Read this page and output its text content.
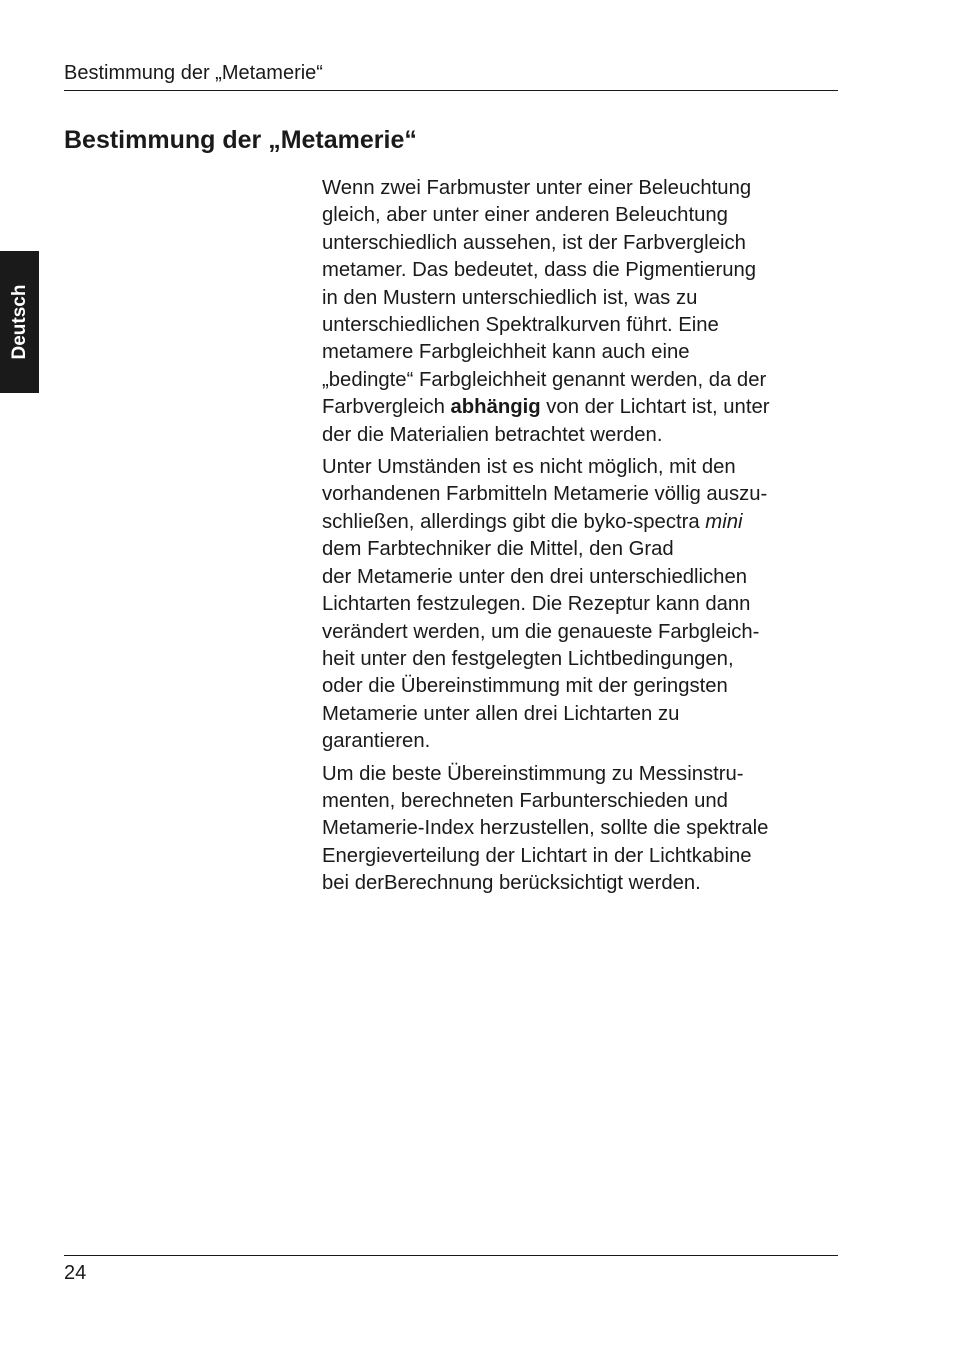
Bestimmung der „Metamerie“
Bestimmung der „Metamerie“
Deutsch

Wenn zwei Farbmuster unter einer Beleuchtung
gleich, aber unter einer anderen Beleuchtung
unterschiedlich aussehen, ist der Farbvergleich
metamer. Das bedeutet, dass die Pigmentierung
in den Mustern unterschiedlich ist, was zu
unterschiedlichen Spektralkurven führt. Eine
metamere Farbgleichheit kann auch eine
„bedingte“ Farbgleichheit genannt werden, da der
Farbvergleich abhängig von der Lichtart ist, unter
der die Materialien betrachtet werden.

Unter Umständen ist es nicht möglich, mit den
vorhandenen Farbmitteln Metamerie völlig auszu-
schließen, allerdings gibt die byko-spectra mini
dem Farbtechniker die Mittel, den Grad
der Metamerie unter den drei unterschiedlichen
Lichtarten festzulegen. Die Rezeptur kann dann
verändert werden, um die genaueste Farbgleich-
heit unter den festgelegten Lichtbedingungen,
oder die Übereinstimmung mit der geringsten
Metamerie unter allen drei Lichtarten zu
garantieren.

Um die beste Übereinstimmung zu Messinstru-
menten, berechneten Farbunterschieden und
Metamerie-Index herzustellen, sollte die spektrale
Energieverteilung der Lichtart in der Lichtkabine
bei derBerechnung berücksichtigt werden.

24
